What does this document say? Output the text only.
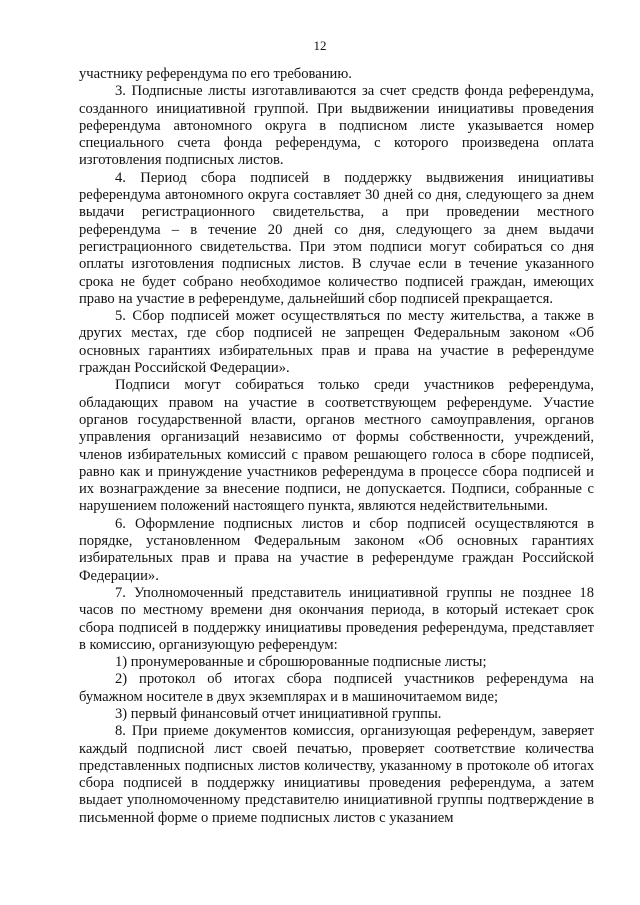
12

участнику референдума по его требованию.

3. Подписные листы изготавливаются за счет средств фонда референдума, созданного инициативной группой. При выдвижении инициативы проведения референдума автономного округа в подписном листе указывается номер специального счета фонда референдума, с которого произведена оплата изготовления подписных листов.

4. Период сбора подписей в поддержку выдвижения инициативы референдума автономного округа составляет 30 дней со дня, следующего за днем выдачи регистрационного свидетельства, а при проведении местного референдума – в течение 20 дней со дня, следующего за днем выдачи регистрационного свидетельства. При этом подписи могут собираться со дня оплаты изготовления подписных листов. В случае если в течение указанного срока не будет собрано необходимое количество подписей граждан, имеющих право на участие в референдуме, дальнейший сбор подписей прекращается.

5. Сбор подписей может осуществляться по месту жительства, а также в других местах, где сбор подписей не запрещен Федеральным законом «Об основных гарантиях избирательных прав и права на участие в референдуме граждан Российской Федерации».

Подписи могут собираться только среди участников референдума, обладающих правом на участие в соответствующем референдуме. Участие органов государственной власти, органов местного самоуправления, органов управления организаций независимо от формы собственности, учреждений, членов избирательных комиссий с правом решающего голоса в сборе подписей, равно как и принуждение участников референдума в процессе сбора подписей и их вознаграждение за внесение подписи, не допускается. Подписи, собранные с нарушением положений настоящего пункта, являются недействительными.

6. Оформление подписных листов и сбор подписей осуществляются в порядке, установленном Федеральным законом «Об основных гарантиях избирательных прав и права на участие в референдуме граждан Российской Федерации».

7. Уполномоченный представитель инициативной группы не позднее 18 часов по местному времени дня окончания периода, в который истекает срок сбора подписей в поддержку инициативы проведения референдума, представляет в комиссию, организующую референдум:

1) пронумерованные и сброшюрованные подписные листы;

2) протокол об итогах сбора подписей участников референдума на бумажном носителе в двух экземплярах и в машиночитаемом виде;

3) первый финансовый отчет инициативной группы.

8. При приеме документов комиссия, организующая референдум, заверяет каждый подписной лист своей печатью, проверяет соответствие количества представленных подписных листов количеству, указанному в протоколе об итогах сбора подписей в поддержку инициативы проведения референдума, а затем выдает уполномоченному представителю инициативной группы подтверждение в письменной форме о приеме подписных листов с указанием
